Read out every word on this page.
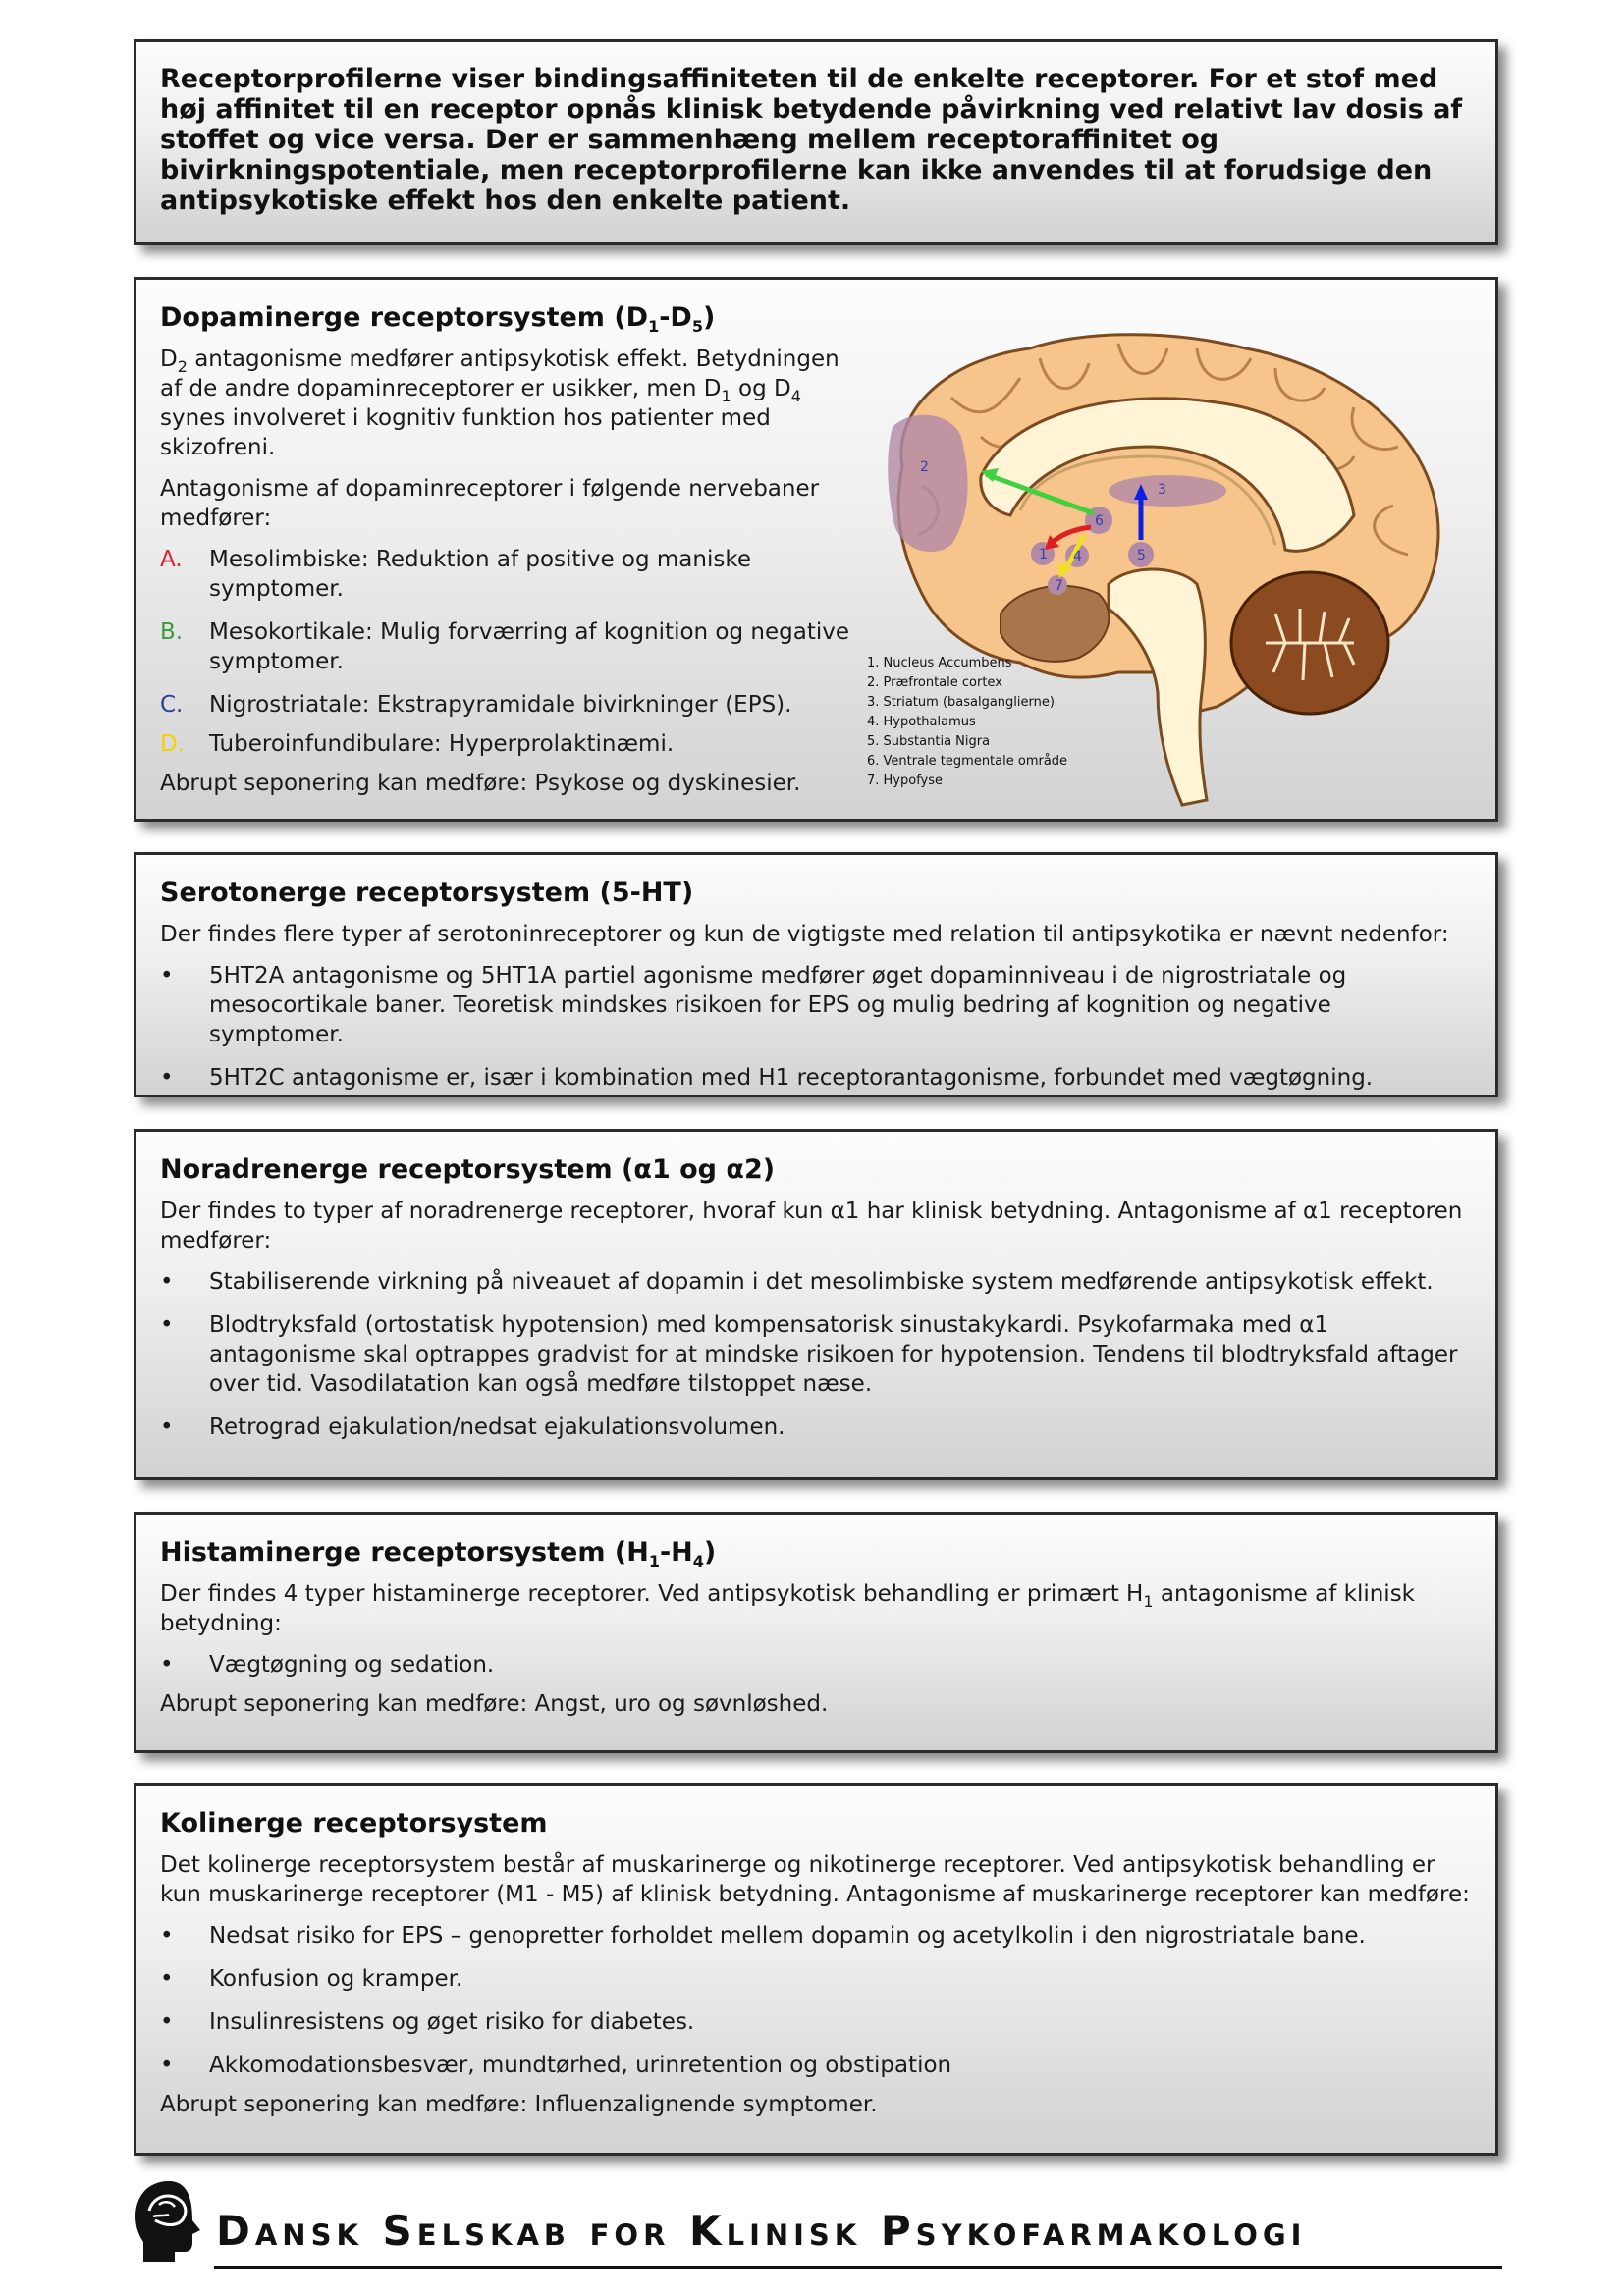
Receptorprofilerne viser bindingsaffiniteten til de enkelte receptorer. For et stof med høj affinitet til en receptor opnås klinisk betydende påvirkning ved relativt lav dosis af stoffet og vice versa. Der er sammenhæng mellem receptoraffinitet og bivirkningspotentiale, men receptorprofilerne kan ikke anvendes til at forudsige den antipsykotiske effekt hos den enkelte patient.

Dopaminerge receptorsystem $(D_1-D_5)$

$D_2$ antagonisme medfører antipsykotisk effekt. Betydningen af de andre dopaminreceptorer er usikker, men $D_1$ og $D_4$ synes involveret i kognitiv funktion hos patienter med skizofreni.

Antagonisme af dopaminreceptorer i følgende nervebaner medfører:

A. Mesolimbiske: Reduktion af positive og maniske symptomer.
B. Mesokortikale: Mulig forværring af kognition og negative symptomer.
C. Nigrostriatale: Ekstrapyramidale bivirkninger (EPS).
D. Tuberoinfundibulare: Hyperprolaktinæmi.

Abrupt seponering kan medføre: Psykose og dyskinesier.

2
3
1 4	5
6
7
1. Nucleus Accumbens
2. Præfrontale cortex
3. Striatum (basalganglierne)
4. Hypothalamus
5. Substantia Nigra
6. Ventrale tegmentale område
7. Hypofyse
Serotonerge receptorsystem (5-HT)

Der findes flere typer af serotoninreceptorer og kun de vigtigste med relation til antipsykotika er nævnt nedenfor:

• 5HT2A antagonisme og 5HT1A partiel agonisme medfører øget dopaminniveau i de nigrostriatale og mesocortikale baner. Teoretisk mindskes risikoen for EPS og mulig bedring af kognition og negative symptomer.
• 5HT2C antagonisme er, især i kombination med H1 receptorantagonisme, forbundet med vægtøgning.
Noradrenerge receptorsystem (α1 og α2)

Der findes to typer af noradrenerge receptorer, hvoraf kun α1 har klinisk betydning. Antagonisme af α1 receptoren medfører:

• Stabiliserende virkning på niveauet af dopamin i det mesolimbiske system medførende antipsykotisk effekt.
• Blodtryksfald (ortostatisk hypotension) med kompensatorisk sinustakykardi. Psykofarmaka med α1 antagonisme skal optrappes gradvist for at mindske risikoen for hypotension. Tendens til blodtryksfald aftager over tid. Vasodilatation kan også medføre tilstoppet næse.
• Retrograd ejakulation/nedsat ejakulationsvolumen.
Histaminerge receptorsystem $(H_1-H_4)$

Der findes 4 typer histaminerge receptorer. Ved antipsykotisk behandling er primært $H_1$ antagonisme af klinisk betydning:

• Vægtøgning og sedation.

Abrupt seponering kan medføre: Angst, uro og søvnløshed.

Kolinerge receptorsystem

Det kolinerge receptorsystem består af muskarinerge og nikotinerge receptorer. Ved antipsykotisk behandling er kun muskarinerge receptorer (M1 - M5) af klinisk betydning. Antagonisme af muskarinerge receptorer kan medføre:

• Nedsat risiko for EPS – genopretter forholdet mellem dopamin og acetylkolin i den nigrostriatale bane.
• Konfusion og kramper.
• Insulinresistens og øget risiko for diabetes.
• Akkomodationsbesvær, mundtørhed, urinretention og obstipation

Abrupt seponering kan medføre: Influenzalignende symptomer.

Dansk Selskab for Klinisk Psykofarmakologi
